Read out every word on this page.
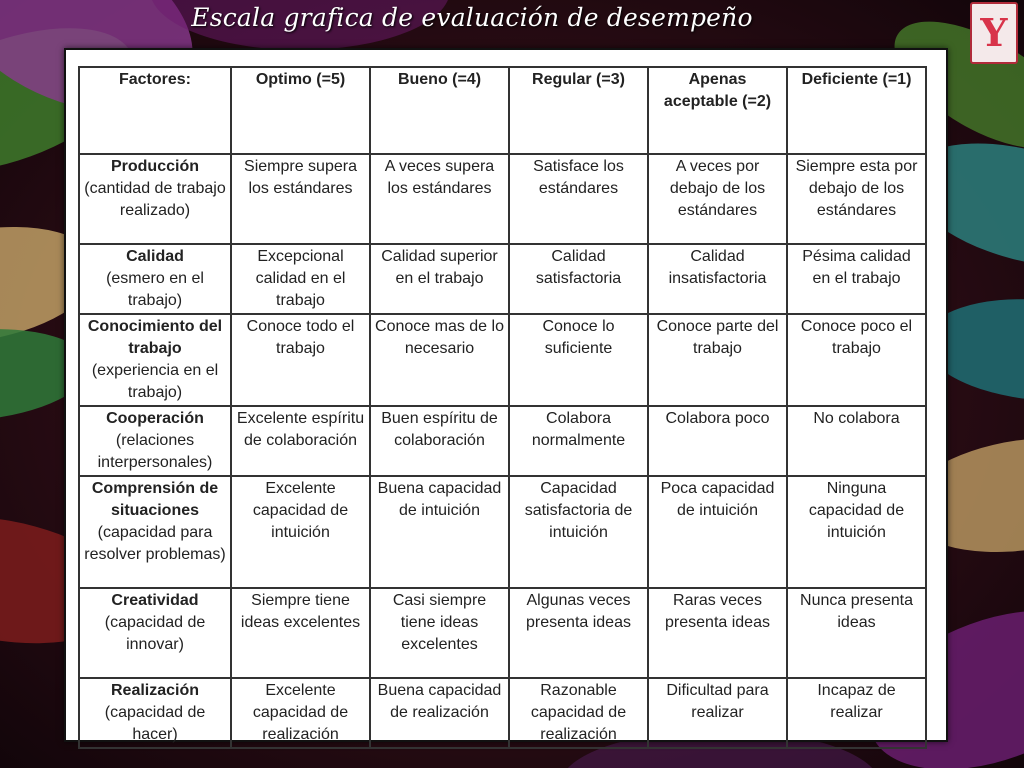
Escala grafica de evaluación de desempeño	Y
Factores:	Optimo (=5)	Bueno (=4)	Regular (=3)	Apenas aceptable (=2)	Deficiente (=1)

Producción
(cantidad de trabajo realizado)	Siempre supera los estándares	A veces supera los estándares	Satisface los estándares	A veces por debajo de los estándares	Siempre esta por debajo de los estándares

Calidad
(esmero en el trabajo)	Excepcional calidad en el trabajo	Calidad superior en el trabajo	Calidad satisfactoria	Calidad insatisfactoria	Pésima calidad en el trabajo

Conocimiento del trabajo
(experiencia en el trabajo)	Conoce todo el trabajo	Conoce mas de lo necesario	Conoce lo suficiente	Conoce parte del trabajo	Conoce poco el trabajo

Cooperación
(relaciones interpersonales)	Excelente espíritu de colaboración	Buen espíritu de colaboración	Colabora normalmente	Colabora poco	No colabora

Comprensión de situaciones
(capacidad para resolver problemas)	Excelente capacidad de intuición	Buena capacidad de intuición	Capacidad satisfactoria de intuición	Poca capacidad de intuición	Ninguna capacidad de intuición

Creatividad
(capacidad de innovar)	Siempre tiene ideas excelentes	Casi siempre tiene ideas excelentes	Algunas veces presenta ideas	Raras veces presenta ideas	Nunca presenta ideas

Realización
(capacidad de hacer)	Excelente capacidad de realización	Buena capacidad de realización	Razonable capacidad de realización	Dificultad para realizar	Incapaz de realizar
